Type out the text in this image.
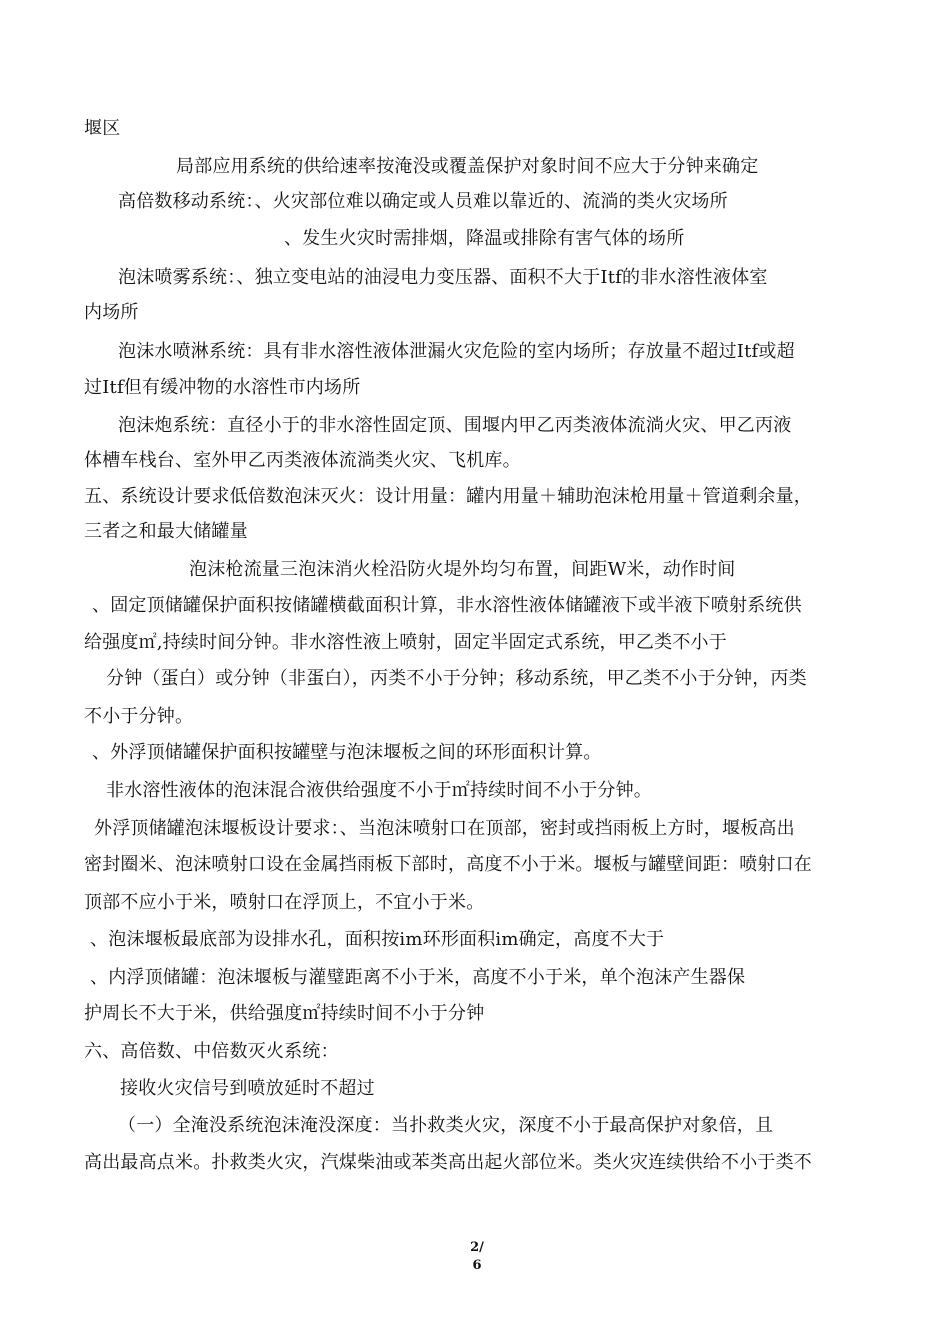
堰区
局部应用系统的供给速率按淹没或覆盖保护对象时间不应大于分钟来确定
高倍数移动系统：、火灾部位难以确定或人员难以靠近的、流淌的类火灾场所
、发生火灾时需排烟，降温或排除有害气体的场所
泡沫喷雾系统：、独立变电站的油浸电力变压器、面积不大于Itf的非水溶性液体室
内场所
泡沫水喷淋系统：具有非水溶性液体泄漏火灾危险的室内场所；存放量不超过Itf或超
过Itf但有缓冲物的水溶性市内场所
泡沫炮系统：直径小于的非水溶性固定顶、围堰内甲乙丙类液体流淌火灾、甲乙丙液
体槽车栈台、室外甲乙丙类液体流淌类火灾、飞机库。
五、系统设计要求低倍数泡沫灭火：设计用量：罐内用量＋辅助泡沫枪用量＋管道剩余量，
三者之和最大储罐量
泡沫枪流量三泡沫消火栓沿防火堤外均匀布置，间距W米，动作时间
、固定顶储罐保护面积按储罐横截面积计算，非水溶性液体储罐液下或半液下喷射系统供
给强度㎡,持续时间分钟。非水溶性液上喷射，固定半固定式系统，甲乙类不小于
分钟（蛋白）或分钟（非蛋白），丙类不小于分钟；移动系统，甲乙类不小于分钟，丙类
不小于分钟。
、外浮顶储罐保护面积按罐壁与泡沫堰板之间的环形面积计算。
非水溶性液体的泡沫混合液供给强度不小于㎡持续时间不小于分钟。
外浮顶储罐泡沫堰板设计要求：、当泡沫喷射口在顶部，密封或挡雨板上方时，堰板高出
密封圈米、泡沫喷射口设在金属挡雨板下部时，高度不小于米。堰板与罐壁间距：喷射口在
顶部不应小于米，喷射口在浮顶上，不宜小于米。
、泡沫堰板最底部为设排水孔，面积按im环形面积im确定，高度不大于
、内浮顶储罐：泡沫堰板与灌璧距离不小于米，高度不小于米，单个泡沫产生器保
护周长不大于米，供给强度㎡持续时间不小于分钟
六、高倍数、中倍数灭火系统：
接收火灾信号到喷放延时不超过
（一）全淹没系统泡沫淹没深度：当扑救类火灾，深度不小于最高保护对象倍，且
高出最高点米。扑救类火灾，汽煤柴油或苯类高出起火部位米。类火灾连续供给不小于类不
2/
6
